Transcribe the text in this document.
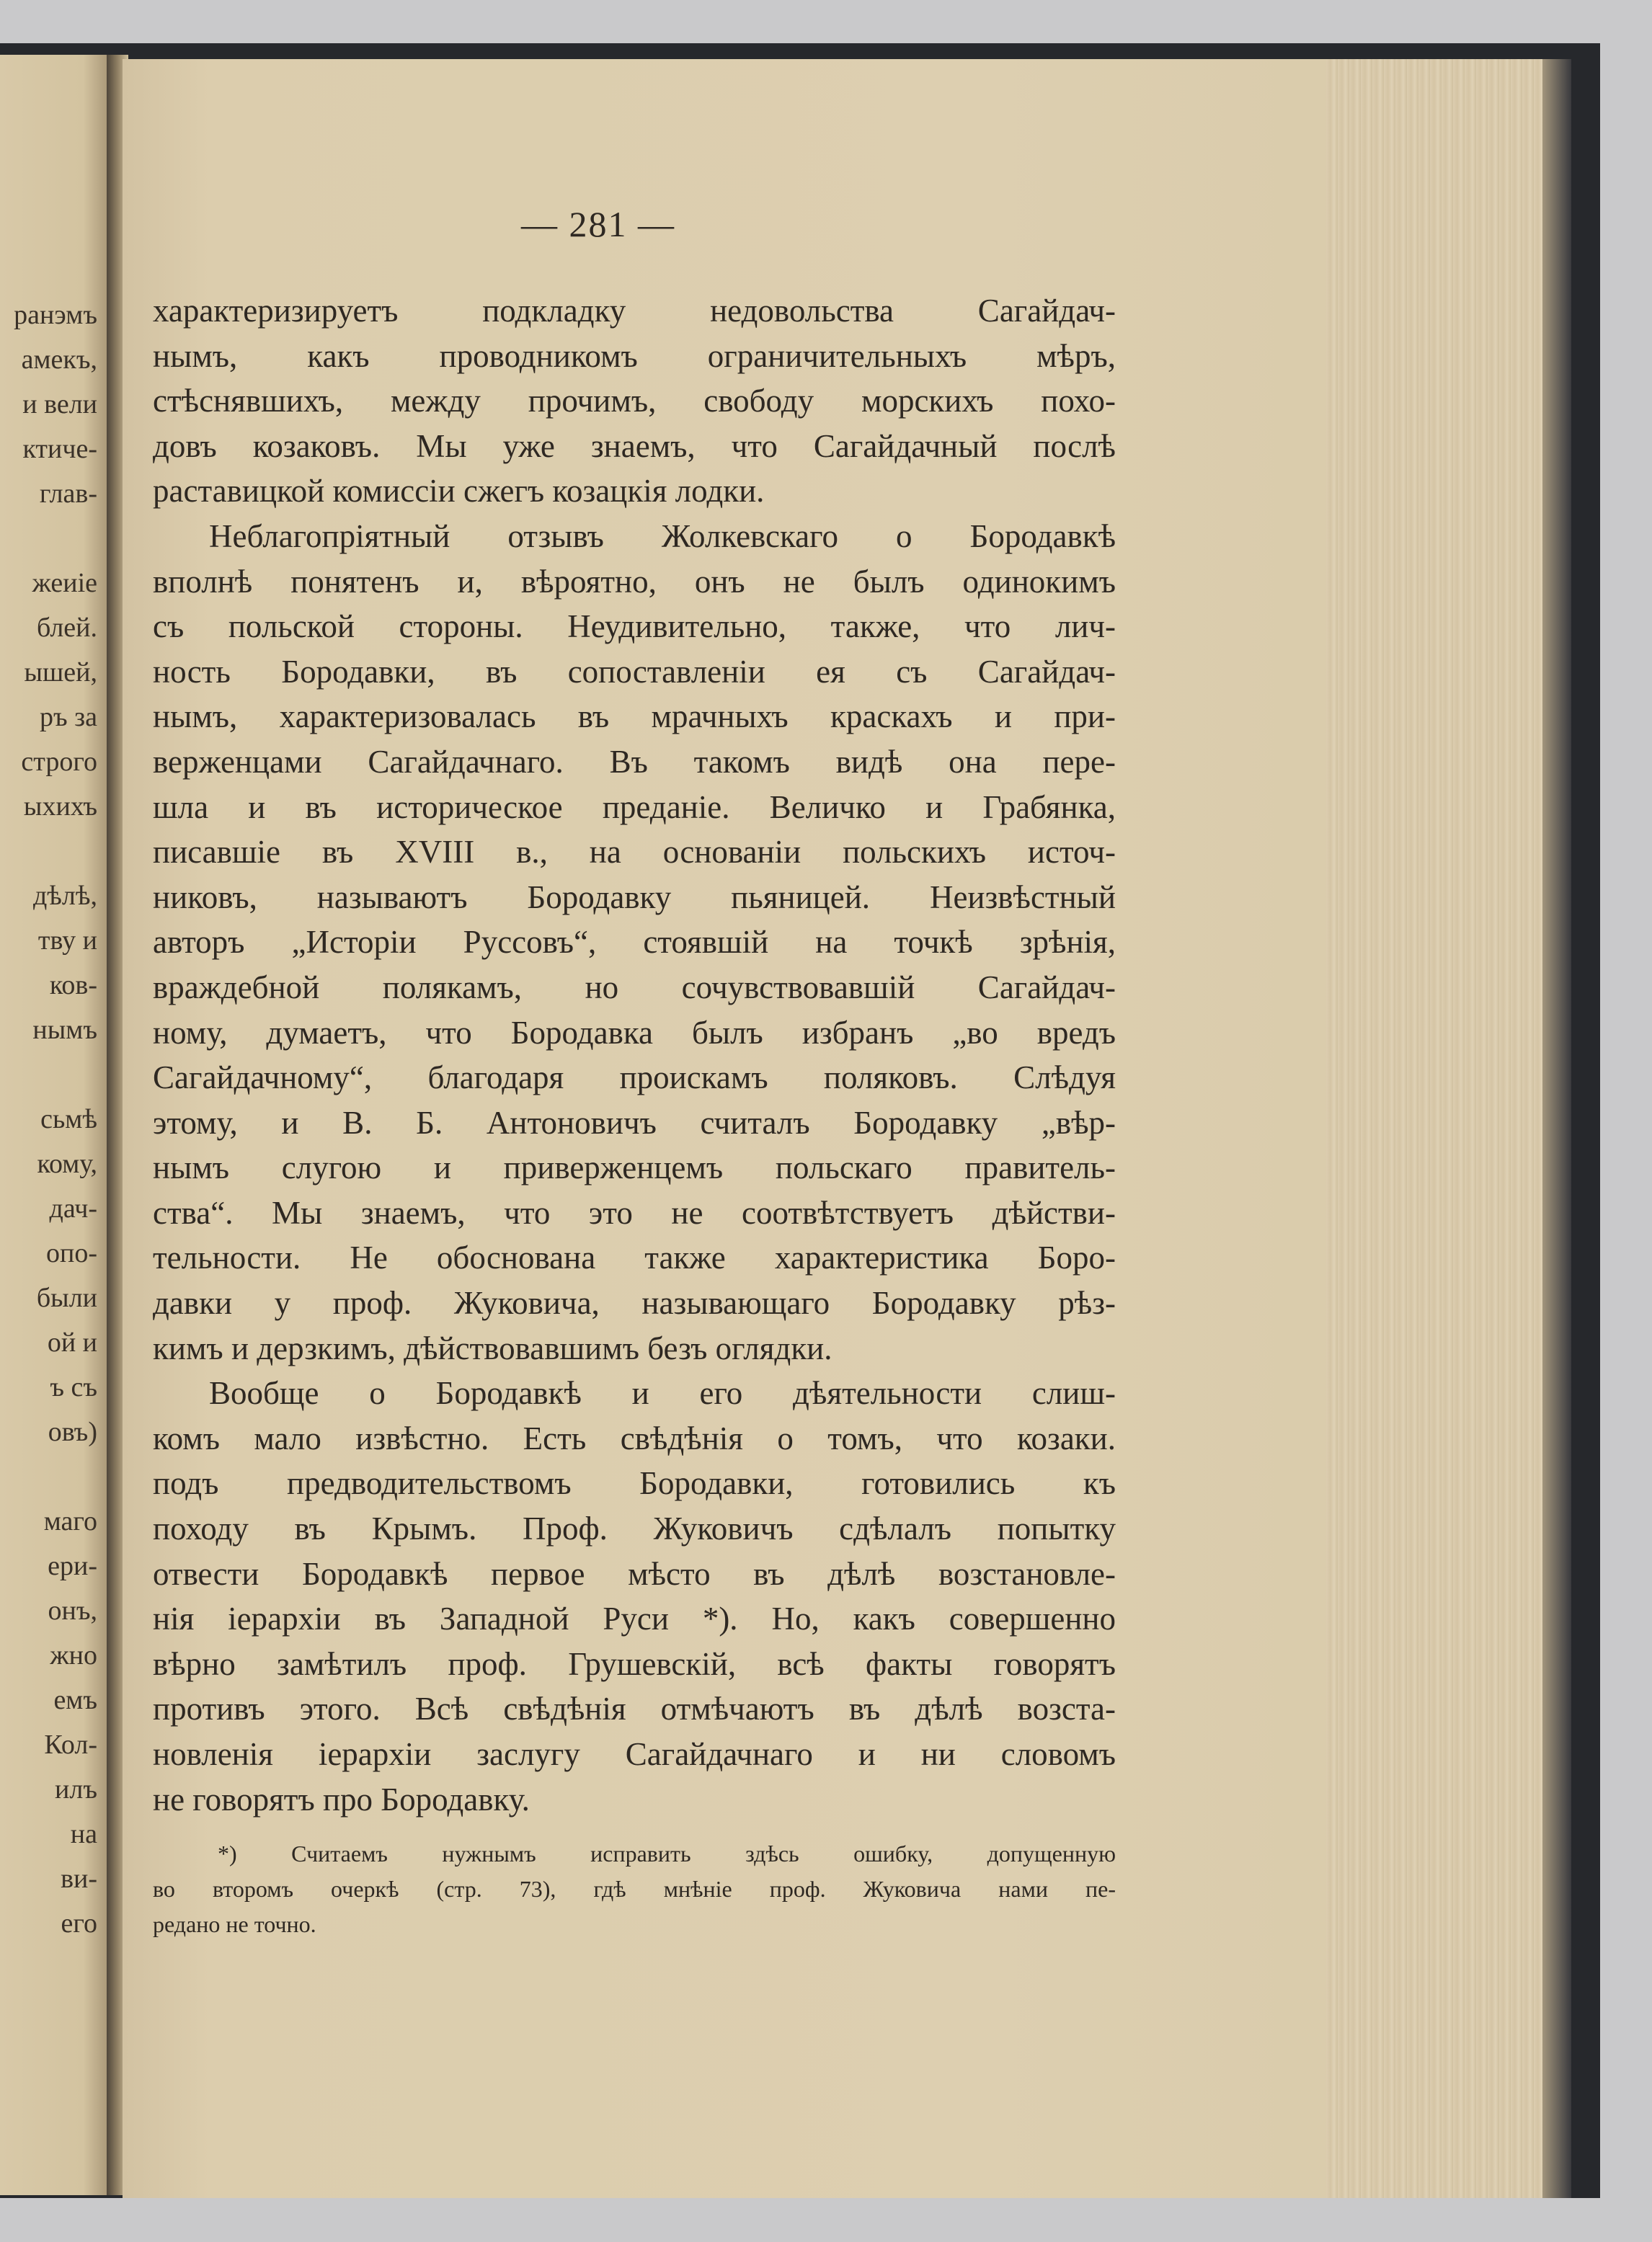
ранэмъ
амекъ,
и вели
ктиче-
глав-
жеиіе
блей.
ышей,
ръ за
строго
ыхихъ
дѣлѣ,
тву и
ков-
нымъ
сьмѣ
кому,
дач-
опо-
были
ой и
ъ съ
овъ)
маго
ери-
онъ,
жно
емъ
Кол-
илъ
на
ви-
его
— 281 —
характеризируетъ подкладку недовольства Сагайдач-
нымъ, какъ проводникомъ ограничительныхъ мѣръ,
стѣснявшихъ, между прочимъ, свободу морскихъ похо-
довъ козаковъ. Мы уже знаемъ, что Сагайдачный послѣ
раставицкой комиссіи сжегъ козацкія лодки.
Неблагопріятный отзывъ Жолкевскаго о Бородавкѣ
вполнѣ понятенъ и, вѣроятно, онъ не былъ одинокимъ
съ польской стороны. Неудивительно, также, что лич-
ность Бородавки, въ сопоставленіи ея съ Сагайдач-
нымъ, характеризовалась въ мрачныхъ краскахъ и при-
верженцами Сагайдачнаго. Въ такомъ видѣ она пере-
шла и въ историческое преданіе. Величко и Грабянка,
писавшіе въ XVIII в., на основаніи польскихъ источ-
никовъ, называютъ Бородавку пьяницей. Неизвѣстный
авторъ „Исторіи Руссовъ“, стоявшій на точкѣ зрѣнія,
враждебной полякамъ, но сочувствовавшій Сагайдач-
ному, думаетъ, что Бородавка былъ избранъ „во вредъ
Сагайдачному“, благодаря проискамъ поляковъ. Слѣдуя
этому, и В. Б. Антоновичъ считалъ Бородавку „вѣр-
нымъ слугою и приверженцемъ польскаго правитель-
ства“. Мы знаемъ, что это не соотвѣтствуетъ дѣйстви-
тельности. Не обоснована также характеристика Боро-
давки у проф. Жуковича, называющаго Бородавку рѣз-
кимъ и дерзкимъ, дѣйствовавшимъ безъ оглядки.
Вообще о Бородавкѣ и его дѣятельности слиш-
комъ мало извѣстно. Есть свѣдѣнія о томъ, что козаки.
подъ предводительствомъ Бородавки, готовились къ
походу въ Крымъ. Проф. Жуковичъ сдѣлалъ попытку
отвести Бородавкѣ первое мѣсто въ дѣлѣ возстановле-
нія іерархіи въ Западной Руси *). Но, какъ совершенно
вѣрно замѣтилъ проф. Грушевскій, всѣ факты говорятъ
противъ этого. Всѣ свѣдѣнія отмѣчаютъ въ дѣлѣ возста-
новленія іерархіи заслугу Сагайдачнаго и ни словомъ
не говорятъ про Бородавку.
*) Считаемъ нужнымъ исправить здѣсь ошибку, допущенную
во второмъ очеркѣ (стр. 73), гдѣ мнѣніе проф. Жуковича нами пе-
редано не точно.
